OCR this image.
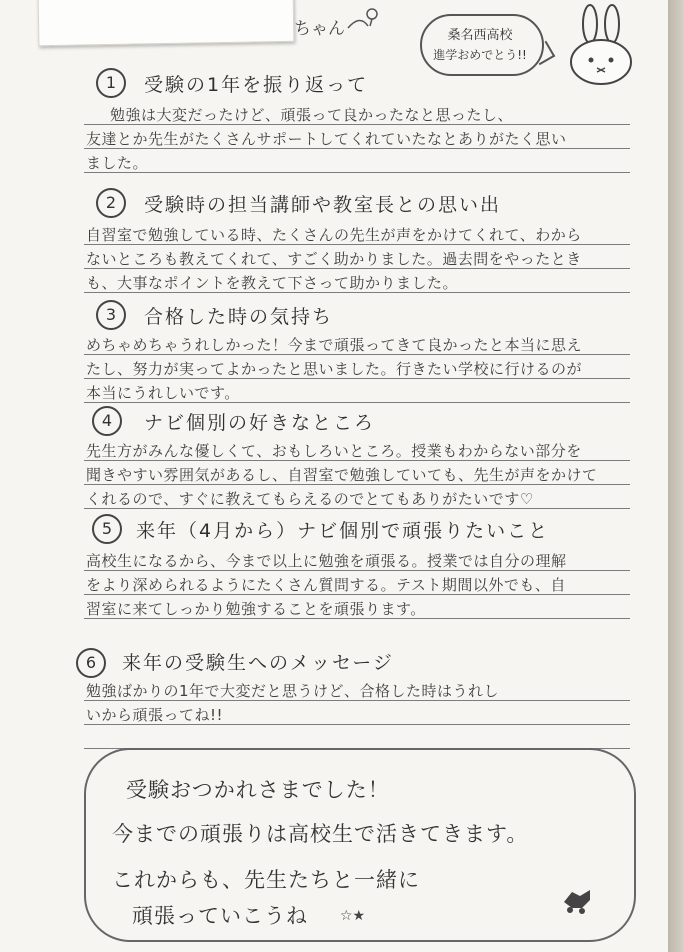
ちゃん	桑名西高校
進学おめでとう!!
1	受験の1年を振り返って
勉強は大変だったけど、頑張って良かったなと思ったし、
友達とか先生がたくさんサポートしてくれていたなとありがたく思い
ました。
2	受験時の担当講師や教室長との思い出
自習室で勉強している時、たくさんの先生が声をかけてくれて、わから
ないところも教えてくれて、すごく助かりました。過去問をやったとき
も、大事なポイントを教えて下さって助かりました。
3	合格した時の気持ち
めちゃめちゃうれしかった！今まで頑張ってきて良かったと本当に思え
たし、努力が実ってよかったと思いました。行きたい学校に行けるのが
本当にうれしいです。
4	ナビ個別の好きなところ
先生方がみんな優しくて、おもしろいところ。授業もわからない部分を
聞きやすい雰囲気があるし、自習室で勉強していても、先生が声をかけて
くれるので、すぐに教えてもらえるのでとてもありがたいです♡
5	来年（4月から）ナビ個別で頑張りたいこと
高校生になるから、今まで以上に勉強を頑張る。授業では自分の理解
をより深められるようにたくさん質問する。テスト期間以外でも、自
習室に来てしっかり勉強することを頑張ります。
6	来年の受験生へのメッセージ
勉強ばかりの1年で大変だと思うけど、合格した時はうれし
いから頑張ってね!!
受験おつかれさまでした！
今までの頑張りは高校生で活きてきます。
これからも、先生たちと一緒に
頑張っていこうね ☆★
